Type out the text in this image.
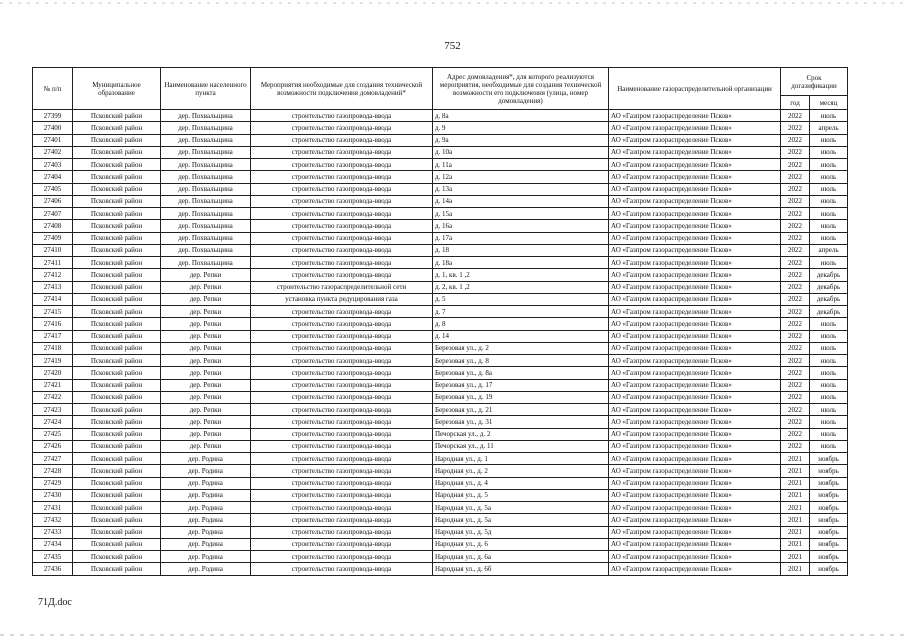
752
№ п/п	Муниципальное образование	Наименование населенного пункта	Мероприятия необходимые для создания технической возможности подключения домовладений*	Адрес домовладения*, для которого реализуются мероприятия, необходимые для создания технической возможности его подключения (улица, номер домовладения)	Наименование газораспределительной организации	Срок догазификации	
						год	месяц
27399	Псковский район	дер. Похвальщина	строительство газопровода-ввода	д. 8а	АО «Газпром газораспределение Псков»	2022	июль
27400	Псковский район	дер. Похвальщина	строительство газопровода-ввода	д. 9	АО «Газпром газораспределение Псков»	2022	апрель
27401	Псковский район	дер. Похвальщина	строительство газопровода-ввода	д. 9а	АО «Газпром газораспределение Псков»	2022	июль
27402	Псковский район	дер. Похвальщина	строительство газопровода-ввода	д. 10а	АО «Газпром газораспределение Псков»	2022	июль
27403	Псковский район	дер. Похвальщина	строительство газопровода-ввода	д. 11а	АО «Газпром газораспределение Псков»	2022	июль
27404	Псковский район	дер. Похвальщина	строительство газопровода-ввода	д. 12а	АО «Газпром газораспределение Псков»	2022	июль
27405	Псковский район	дер. Похвальщина	строительство газопровода-ввода	д. 13а	АО «Газпром газораспределение Псков»	2022	июль
27406	Псковский район	дер. Похвальщина	строительство газопровода-ввода	д. 14а	АО «Газпром газораспределение Псков»	2022	июль
27407	Псковский район	дер. Похвальщина	строительство газопровода-ввода	д. 15а	АО «Газпром газораспределение Псков»	2022	июль
27408	Псковский район	дер. Похвальщина	строительство газопровода-ввода	д. 16а	АО «Газпром газораспределение Псков»	2022	июль
27409	Псковский район	дер. Похвальщина	строительство газопровода-ввода	д. 17а	АО «Газпром газораспределение Псков»	2022	июль
27410	Псковский район	дер. Похвальщина	строительство газопровода-ввода	д. 18	АО «Газпром газораспределение Псков»	2022	апрель
27411	Псковский район	дер. Похвальщина	строительство газопровода-ввода	д. 18а	АО «Газпром газораспределение Псков»	2022	июль
27412	Псковский район	дер. Репки	строительство газопровода-ввода	д. 1, кв. 1 ,2	АО «Газпром газораспределение Псков»	2022	декабрь
27413	Псковский район	дер. Репки	строительство газораспределительной сети	д. 2, кв. 1 ,2	АО «Газпром газораспределение Псков»	2022	декабрь
27414	Псковский район	дер. Репки	установка пункта редуцирования газа	д. 5	АО «Газпром газораспределение Псков»	2022	декабрь
27415	Псковский район	дер. Репки	строительство газопровода-ввода	д. 7	АО «Газпром газораспределение Псков»	2022	декабрь
27416	Псковский район	дер. Репки	строительство газопровода-ввода	д. 8	АО «Газпром газораспределение Псков»	2022	июль
27417	Псковский район	дер. Репки	строительство газопровода-ввода	д. 14	АО «Газпром газораспределение Псков»	2022	июль
27418	Псковский район	дер. Репки	строительство газопровода-ввода	Березовая ул., д. 2	АО «Газпром газораспределение Псков»	2022	июль
27419	Псковский район	дер. Репки	строительство газопровода-ввода	Березовая ул., д. 8	АО «Газпром газораспределение Псков»	2022	июль
27420	Псковский район	дер. Репки	строительство газопровода-ввода	Березовая ул., д. 8а	АО «Газпром газораспределение Псков»	2022	июль
27421	Псковский район	дер. Репки	строительство газопровода-ввода	Березовая ул., д. 17	АО «Газпром газораспределение Псков»	2022	июль
27422	Псковский район	дер. Репки	строительство газопровода-ввода	Березовая ул., д. 19	АО «Газпром газораспределение Псков»	2022	июль
27423	Псковский район	дер. Репки	строительство газопровода-ввода	Березовая ул., д. 21	АО «Газпром газораспределение Псков»	2022	июль
27424	Псковский район	дер. Репки	строительство газопровода-ввода	Березовая ул., д. 31	АО «Газпром газораспределение Псков»	2022	июль
27425	Псковский район	дер. Репки	строительство газопровода-ввода	Печорская ул., д. 2	АО «Газпром газораспределение Псков»	2022	июль
27426	Псковский район	дер. Репки	строительство газопровода-ввода	Печорская ул., д. 11	АО «Газпром газораспределение Псков»	2022	июль
27427	Псковский район	дер. Родина	строительство газопровода-ввода	Народная ул., д. 1	АО «Газпром газораспределение Псков»	2021	ноябрь
27428	Псковский район	дер. Родина	строительство газопровода-ввода	Народная ул., д. 2	АО «Газпром газораспределение Псков»	2021	ноябрь
27429	Псковский район	дер. Родина	строительство газопровода-ввода	Народная ул., д. 4	АО «Газпром газораспределение Псков»	2021	ноябрь
27430	Псковский район	дер. Родина	строительство газопровода-ввода	Народная ул., д. 5	АО «Газпром газораспределение Псков»	2021	ноябрь
27431	Псковский район	дер. Родина	строительство газопровода-ввода	Народная ул., д. 5а	АО «Газпром газораспределение Псков»	2021	ноябрь
27432	Псковский район	дер. Родина	строительство газопровода-ввода	Народная ул., д. 5а	АО «Газпром газораспределение Псков»	2021	ноябрь
27433	Псковский район	дер. Родина	строительство газопровода-ввода	Народная ул., д. 5д	АО «Газпром газораспределение Псков»	2021	ноябрь
27434	Псковский район	дер. Родина	строительство газопровода-ввода	Народная ул., д. 6	АО «Газпром газораспределение Псков»	2021	ноябрь
27435	Псковский район	дер. Родина	строительство газопровода-ввода	Народная ул., д. 6а	АО «Газпром газораспределение Псков»	2021	ноябрь
27436	Псковский район	дер. Родина	строительство газопровода-ввода	Народная ул., д. 6б	АО «Газпром газораспределение Псков»	2021	ноябрь
71Д.doc
